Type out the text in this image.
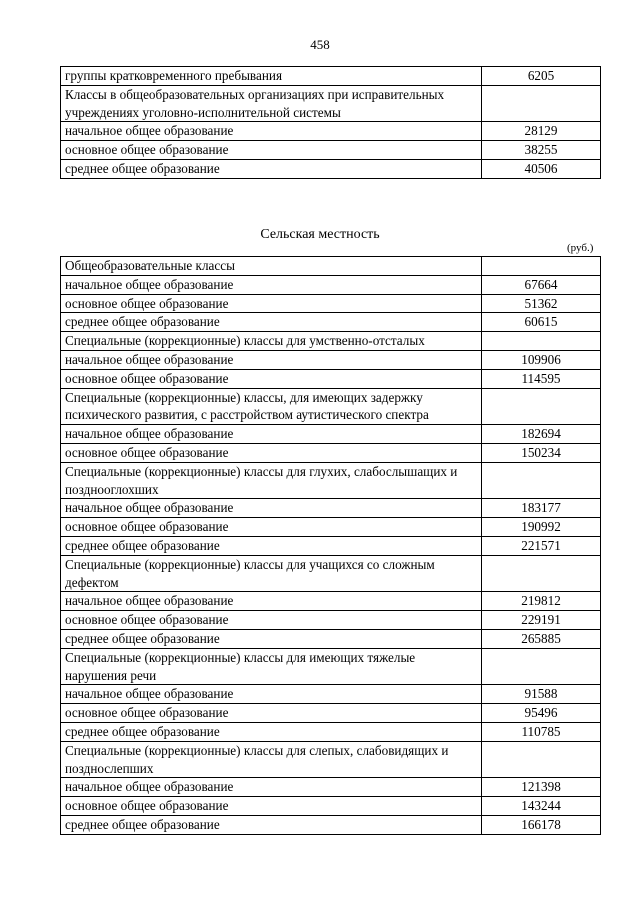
458
группы кратковременного пребывания	6205
Классы в общеобразовательных организациях при исправительных учреждениях уголовно-исполнительной системы	
начальное общее образование	28129
основное общее образование	38255
среднее общее образование	40506
Сельская местность
(руб.)
Общеобразовательные классы	
начальное общее образование	67664
основное общее образование	51362
среднее общее образование	60615
Специальные (коррекционные) классы для умственно-отсталых	
начальное общее образование	109906
основное общее образование	114595
Специальные (коррекционные) классы, для имеющих задержку психического развития, с расстройством аутистического спектра	
начальное общее образование	182694
основное общее образование	150234
Специальные (коррекционные) классы для глухих, слабослышащих и позднооглохших	
начальное общее образование	183177
основное общее образование	190992
среднее общее образование	221571
Специальные (коррекционные) классы для учащихся со сложным дефектом	
начальное общее образование	219812
основное общее образование	229191
среднее общее образование	265885
Специальные (коррекционные) классы для имеющих тяжелые нарушения речи	
начальное общее образование	91588
основное общее образование	95496
среднее общее образование	110785
Специальные (коррекционные) классы для слепых, слабовидящих и позднослепших	
начальное общее образование	121398
основное общее образование	143244
среднее общее образование	166178
